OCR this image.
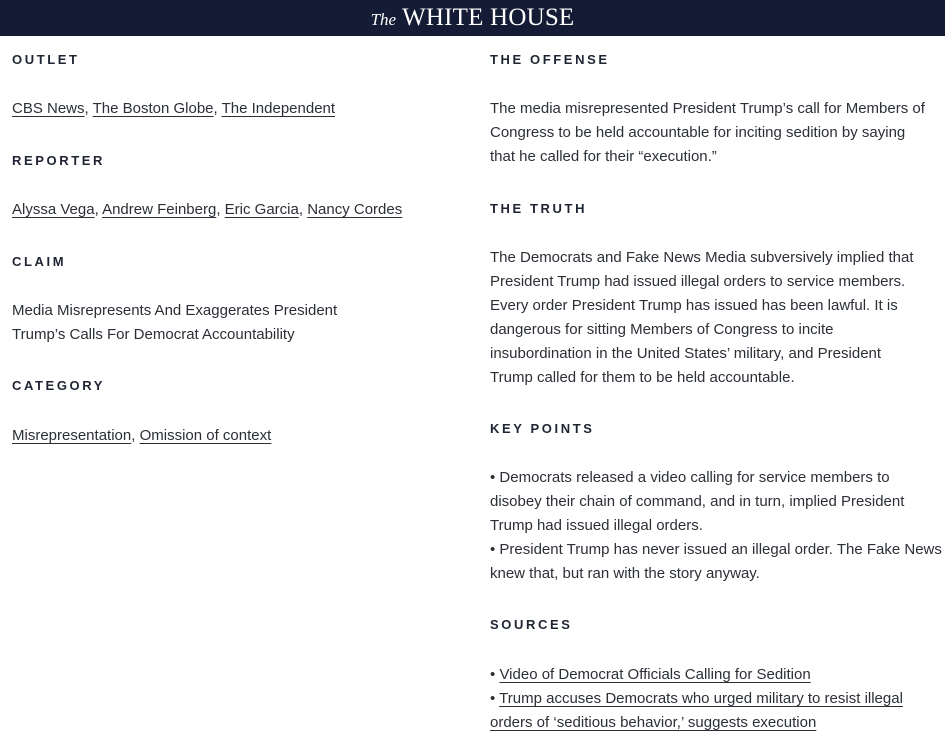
The WHITE HOUSE
OUTLET
CBS News, The Boston Globe, The Independent
REPORTER
Alyssa Vega, Andrew Feinberg, Eric Garcia, Nancy Cordes
CLAIM
Media Misrepresents And Exaggerates President
Trump’s Calls For Democrat Accountability
CATEGORY
Misrepresentation, Omission of context
THE OFFENSE
The media misrepresented President Trump’s call for Members of
Congress to be held accountable for inciting sedition by saying
that he called for their “execution.”
THE TRUTH
The Democrats and Fake News Media subversively implied that
President Trump had issued illegal orders to service members.
Every order President Trump has issued has been lawful. It is
dangerous for sitting Members of Congress to incite
insubordination in the United States’ military, and President
Trump called for them to be held accountable.
KEY POINTS
• Democrats released a video calling for service members to
disobey their chain of command, and in turn, implied President
Trump had issued illegal orders.
• President Trump has never issued an illegal order. The Fake News
knew that, but ran with the story anyway.
SOURCES
• Video of Democrat Officials Calling for Sedition
• Trump accuses Democrats who urged military to resist illegal
orders of ‘seditious behavior,’ suggests execution
